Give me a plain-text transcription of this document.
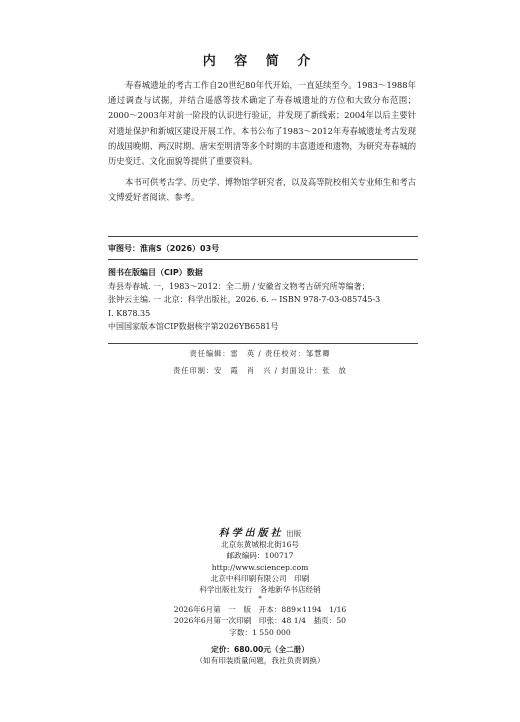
内 容 简 介

寿春城遗址的考古工作自20世纪80年代开始，一直延续至今。1983～1988年通过调查与试掘，并结合遥感等技术确定了寿春城遗址的方位和大致分布范围；2000～2003年对前一阶段的认识进行验证，并发现了新线索；2004年以后主要针对遗址保护和新城区建设开展工作。本书公布了1983～2012年寿春城遗址考古发现的战国晚期、两汉时期、唐宋至明清等多个时期的丰富遗迹和遗物，为研究寿春城的历史变迁、文化面貌等提供了重要资料。

本书可供考古学、历史学、博物馆学研究者，以及高等院校相关专业师生和考古文博爱好者阅读、参考。

审图号：淮南S（2026）03号
图书在版编目（CIP）数据
寿县寿春城. 一，1983～2012：全二册 / 安徽省文物考古研究所等编著；
张钟云主编. 一 北京：科学出版社，2026. 6. -- ISBN 978-7-03-085745-3
Ⅰ. K878.35
中国国家版本馆CIP数据核字第2026YB6581号
责任编辑：雷　英 / 责任校对：邹慧卿
责任印制：安　霞　肖　兴 / 封面设计：张　放
科学出版社 出版
北京东黄城根北街16号
邮政编码：100717
http://www.sciencep.com
北京中科印刷有限公司　印刷
科学出版社发行　各地新华书店经销
*
2026年6月第　一　版　开本：889×1194　1/16
2026年6月第一次印刷　印张：48 1/4　插页：50
字数：1 550 000
定价：680.00元（全二册）
（如有印装质量问题，我社负责调换）
